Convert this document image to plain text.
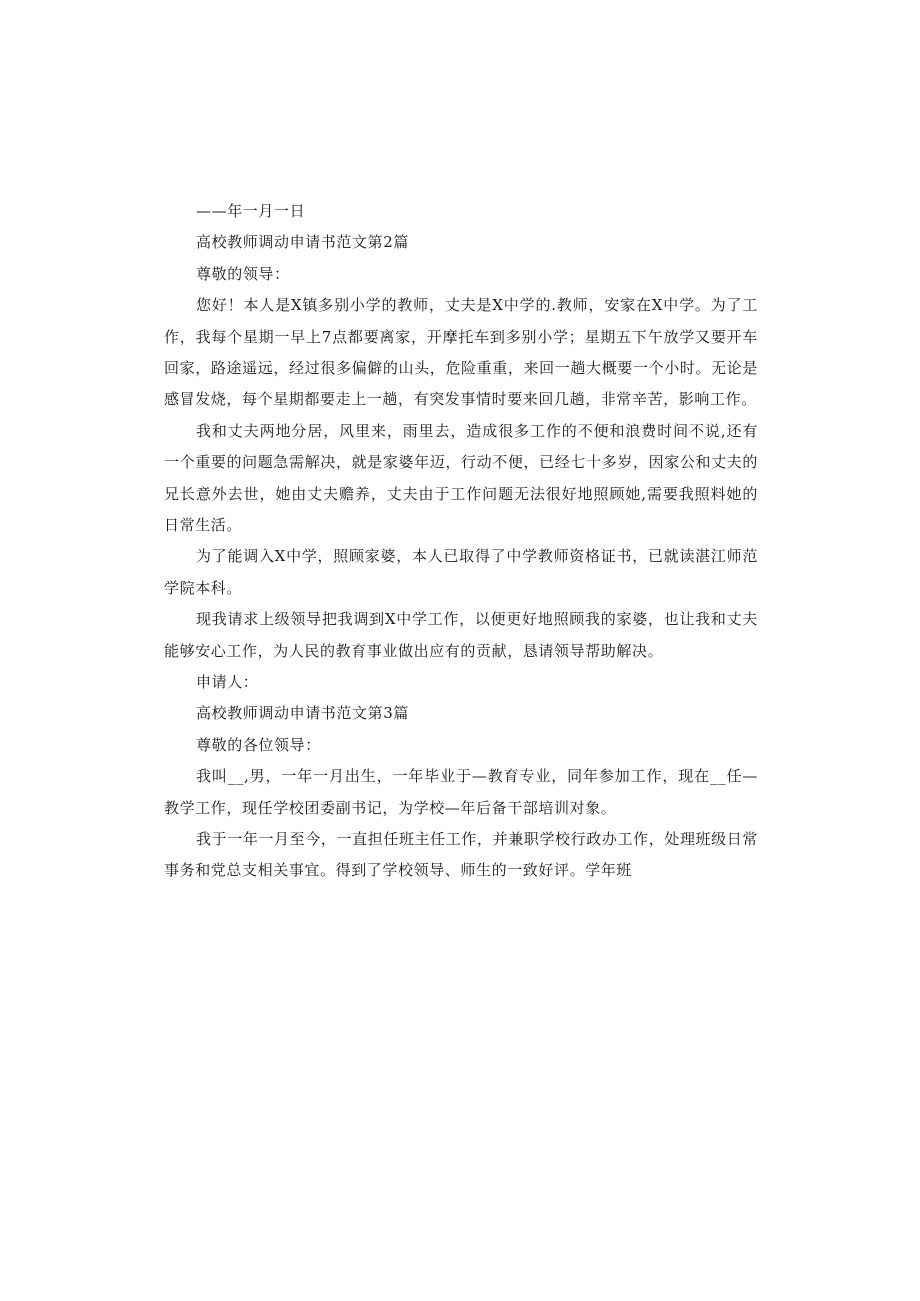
——年一月一日

高校教师调动申请书范文第2篇

尊敬的领导：

您好！本人是X镇多别小学的教师，丈夫是X中学的.教师，安家在X中学。为了工作，我每个星期一早上7点都要离家，开摩托车到多别小学；星期五下午放学又要开车回家，路途遥远，经过很多偏僻的山头，危险重重，来回一趟大概要一个小时。无论是感冒发烧，每个星期都要走上一趟，有突发事情时要来回几趟，非常辛苦，影响工作。

我和丈夫两地分居，风里来，雨里去，造成很多工作的不便和浪费时间不说,还有一个重要的问题急需解决，就是家婆年迈，行动不便，已经七十多岁，因家公和丈夫的兄长意外去世，她由丈夫赡养，丈夫由于工作问题无法很好地照顾她,需要我照料她的日常生活。

为了能调入X中学，照顾家婆，本人已取得了中学教师资格证书，已就读湛江师范学院本科。

现我请求上级领导把我调到X中学工作，以便更好地照顾我的家婆，也让我和丈夫能够安心工作，为人民的教育事业做出应有的贡献，恳请领导帮助解决。

申请人：

高校教师调动申请书范文第3篇

尊敬的各位领导：

我叫__,男，一年一月出生，一年毕业于—教育专业，同年参加工作，现在__任—教学工作，现任学校团委副书记，为学校—年后备干部培训对象。

我于一年一月至今，一直担任班主任工作，并兼职学校行政办工作，处理班级日常事务和党总支相关事宜。得到了学校领导、师生的一致好评。学年班
